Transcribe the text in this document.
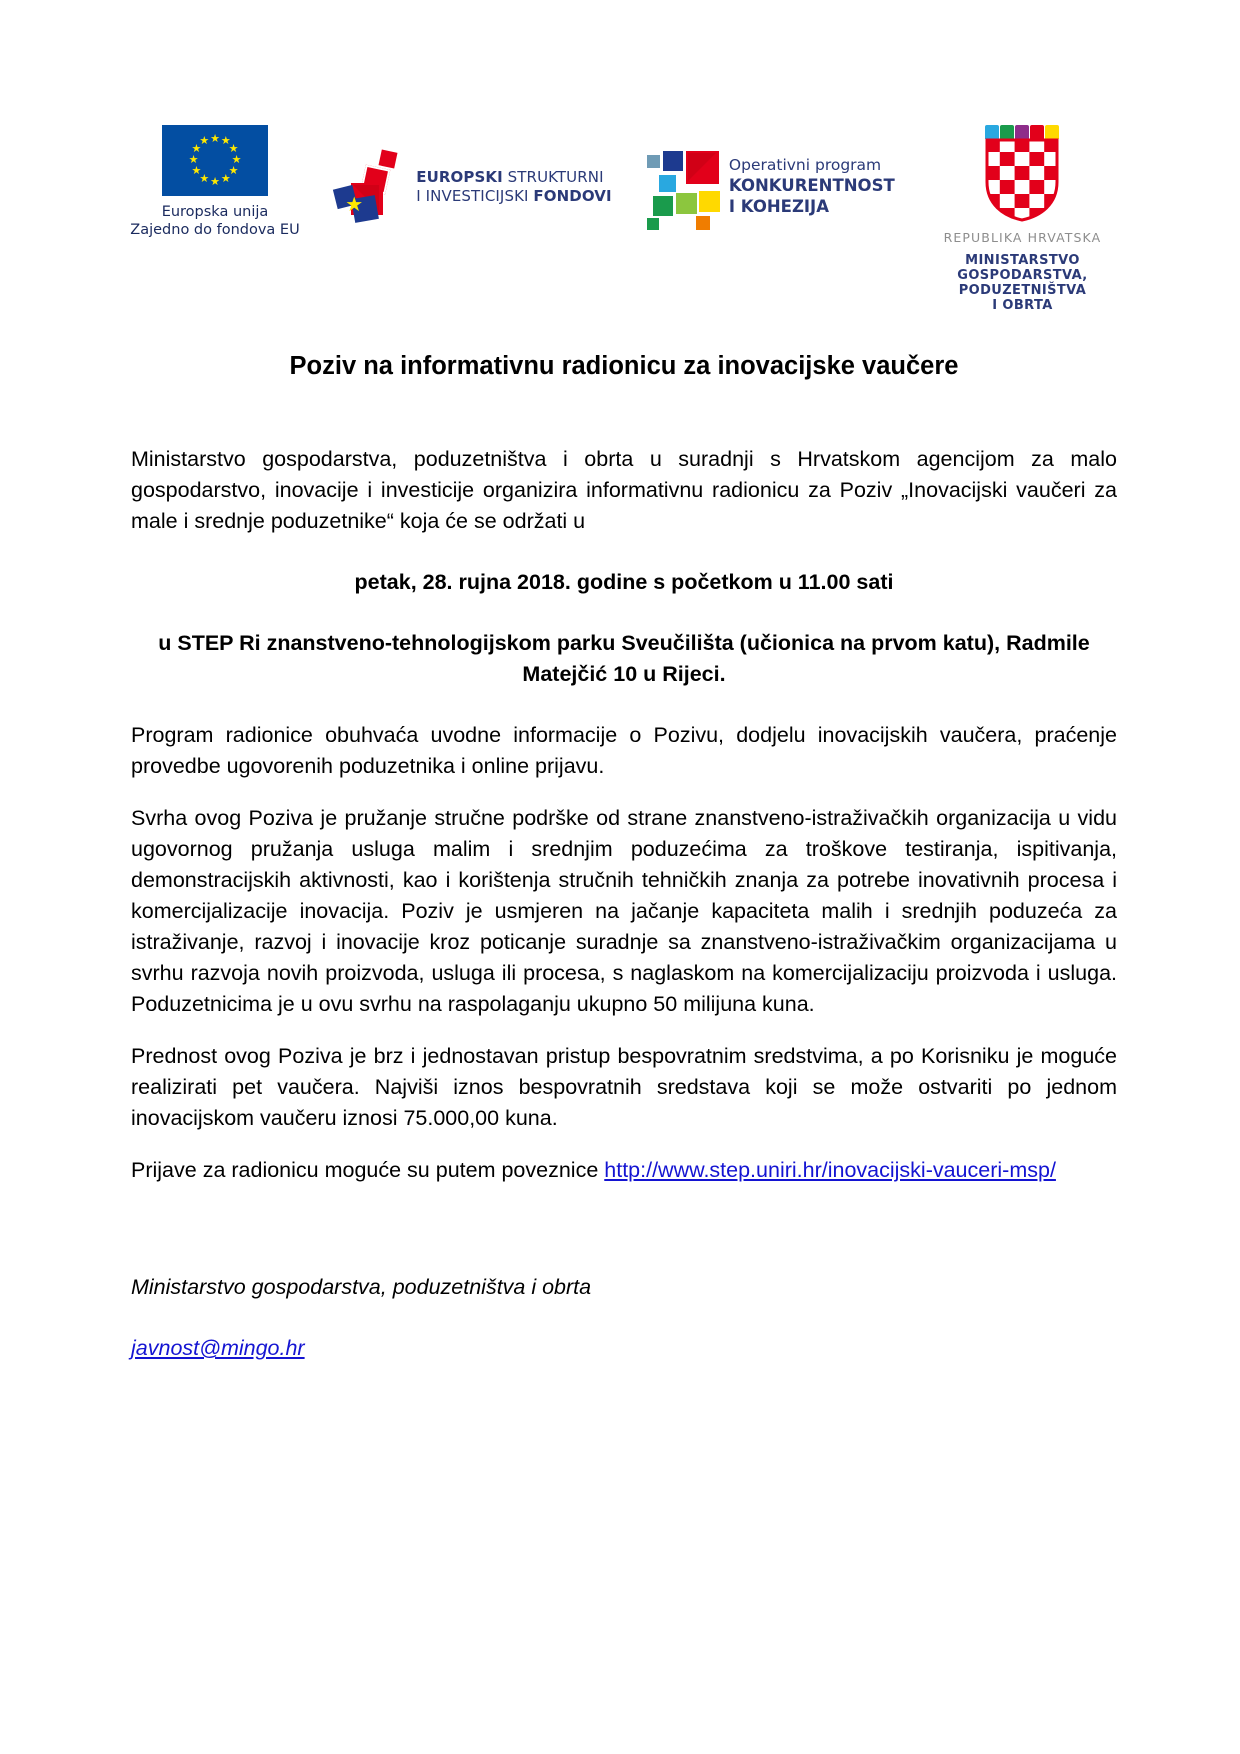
★ ★
★
★
★
★
★
★
★
★
★
★
Europska unija
Zajedno do fondova EU
★
EUROPSKI STRUKTURNI
I INVESTICIJSKI FONDOVI
Operativni program
KONKURENTNOST
I KOHEZIJA
REPUBLIKA HRVATSKA
MINISTARSTVO
GOSPODARSTVA,
PODUZETNIŠTVA
I OBRTA
Poziv na informativnu radionicu za inovacijske vaučere

Ministarstvo gospodarstva, poduzetništva i obrta u suradnji s Hrvatskom agencijom za malo gospodarstvo, inovacije i investicije organizira informativnu radionicu za Poziv „Inovacijski vaučeri za male i srednje poduzetnike“ koja će se održati u

petak, 28. rujna 2018. godine s početkom u 11.00 sati

u STEP Ri znanstveno-tehnologijskom parku Sveučilišta (učionica na prvom katu), Radmile Matejčić 10 u Rijeci.

Program radionice obuhvaća uvodne informacije o Pozivu, dodjelu inovacijskih vaučera, praćenje provedbe ugovorenih poduzetnika i online prijavu.

Svrha ovog Poziva je pružanje stručne podrške od strane znanstveno-istraživačkih organizacija u vidu ugovornog pružanja usluga malim i srednjim poduzećima za troškove testiranja, ispitivanja, demonstracijskih aktivnosti, kao i korištenja stručnih tehničkih znanja za potrebe inovativnih procesa i komercijalizacije inovacija. Poziv je usmjeren na jačanje kapaciteta malih i srednjih poduzeća za istraživanje, razvoj i inovacije kroz poticanje suradnje sa znanstveno-istraživačkim organizacijama u svrhu razvoja novih proizvoda, usluga ili procesa, s naglaskom na komercijalizaciju proizvoda i usluga. Poduzetnicima je u ovu svrhu na raspolaganju ukupno 50 milijuna kuna.

Prednost ovog Poziva je brz i jednostavan pristup bespovratnim sredstvima, a po Korisniku je moguće realizirati pet vaučera. Najviši iznos bespovratnih sredstava koji se može ostvariti po jednom inovacijskom vaučeru iznosi 75.000,00 kuna.

Prijave za radionicu moguće su putem poveznice http://www.step.uniri.hr/inovacijski-vauceri-msp/

Ministarstvo gospodarstva, poduzetništva i obrta

javnost@mingo.hr
